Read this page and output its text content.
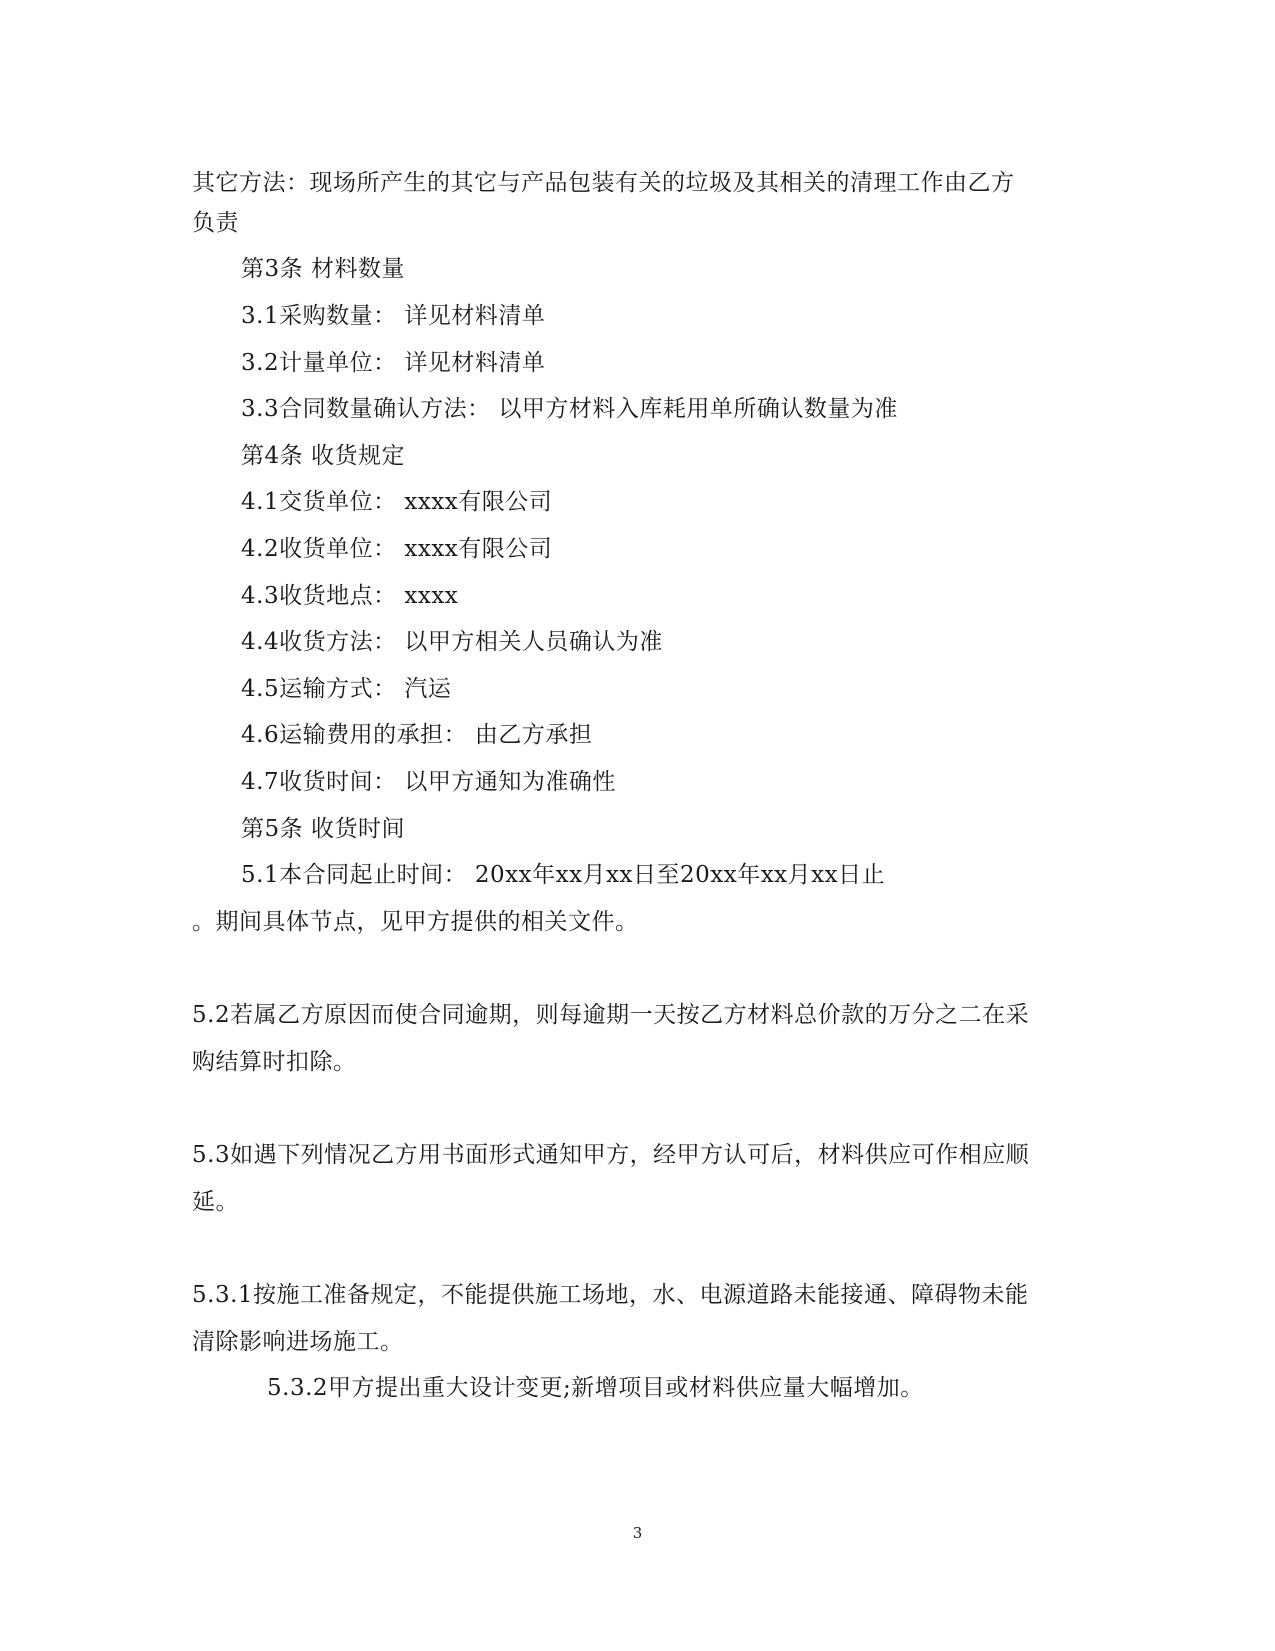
其它方法：现场所产生的其它与产品包装有关的垃圾及其相关的清理工作由乙方
负责
第3条 材料数量
3.1采购数量： 详见材料清单
3.2计量单位： 详见材料清单
3.3合同数量确认方法： 以甲方材料入库耗用单所确认数量为准
第4条 收货规定
4.1交货单位： xxxx有限公司
4.2收货单位： xxxx有限公司
4.3收货地点： xxxx
4.4收货方法： 以甲方相关人员确认为准
4.5运输方式： 汽运
4.6运输费用的承担： 由乙方承担
4.7收货时间： 以甲方通知为准确性
第5条 收货时间
5.1本合同起止时间： 20xx年xx月xx日至20xx年xx月xx日止
。期间具体节点，见甲方提供的相关文件。
5.2若属乙方原因而使合同逾期，则每逾期一天按乙方材料总价款的万分之二在采
购结算时扣除。
5.3如遇下列情况乙方用书面形式通知甲方，经甲方认可后，材料供应可作相应顺
延。
5.3.1按施工准备规定，不能提供施工场地，水、电源道路未能接通、障碍物未能
清除影响进场施工。
5.3.2甲方提出重大设计变更;新增项目或材料供应量大幅增加。
3
